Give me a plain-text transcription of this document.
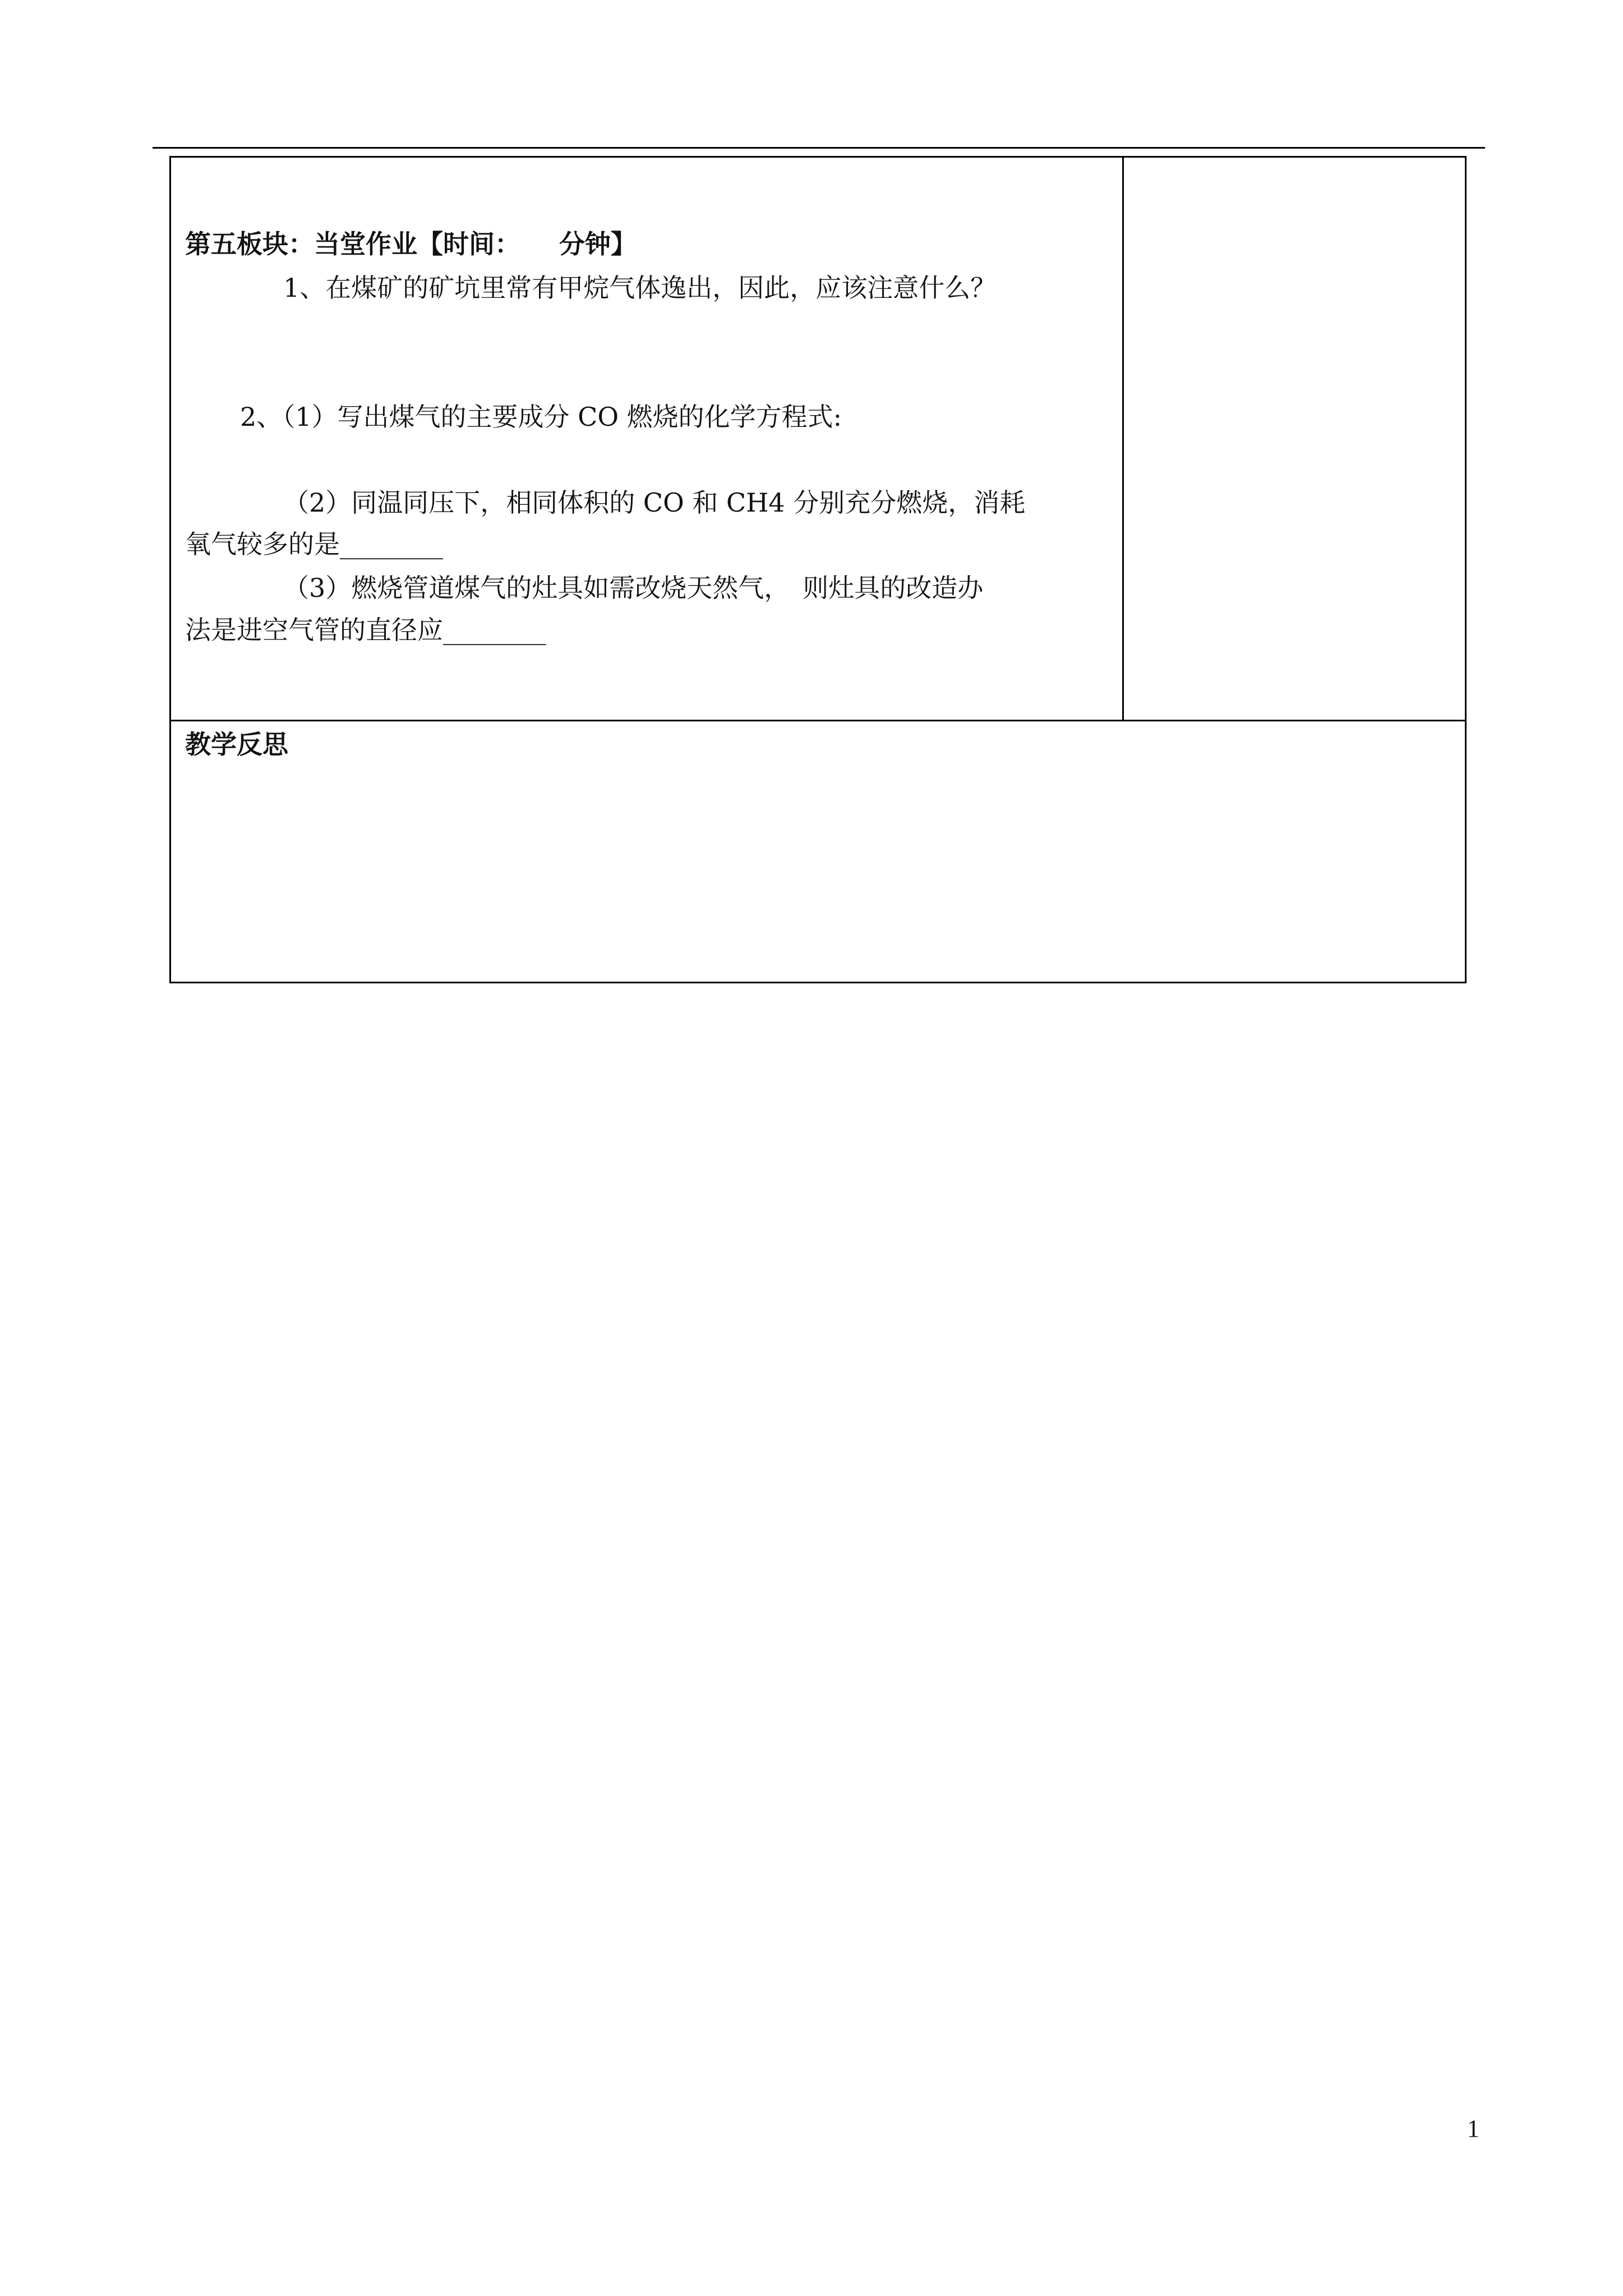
第五板块：当堂作业【时间：　　分钟】
1、在煤矿的矿坑里常有甲烷气体逸出，因此，应该注意什么？
2、（1）写出煤气的主要成分 CO 燃烧的化学方程式:
（2）同温同压下，相同体积的 CO 和 CH4 分别充分燃烧，消耗
氧气较多的是________
（3）燃烧管道煤气的灶具如需改烧天然气，　则灶具的改造办
法是进空气管的直径应________
教学反思
1
